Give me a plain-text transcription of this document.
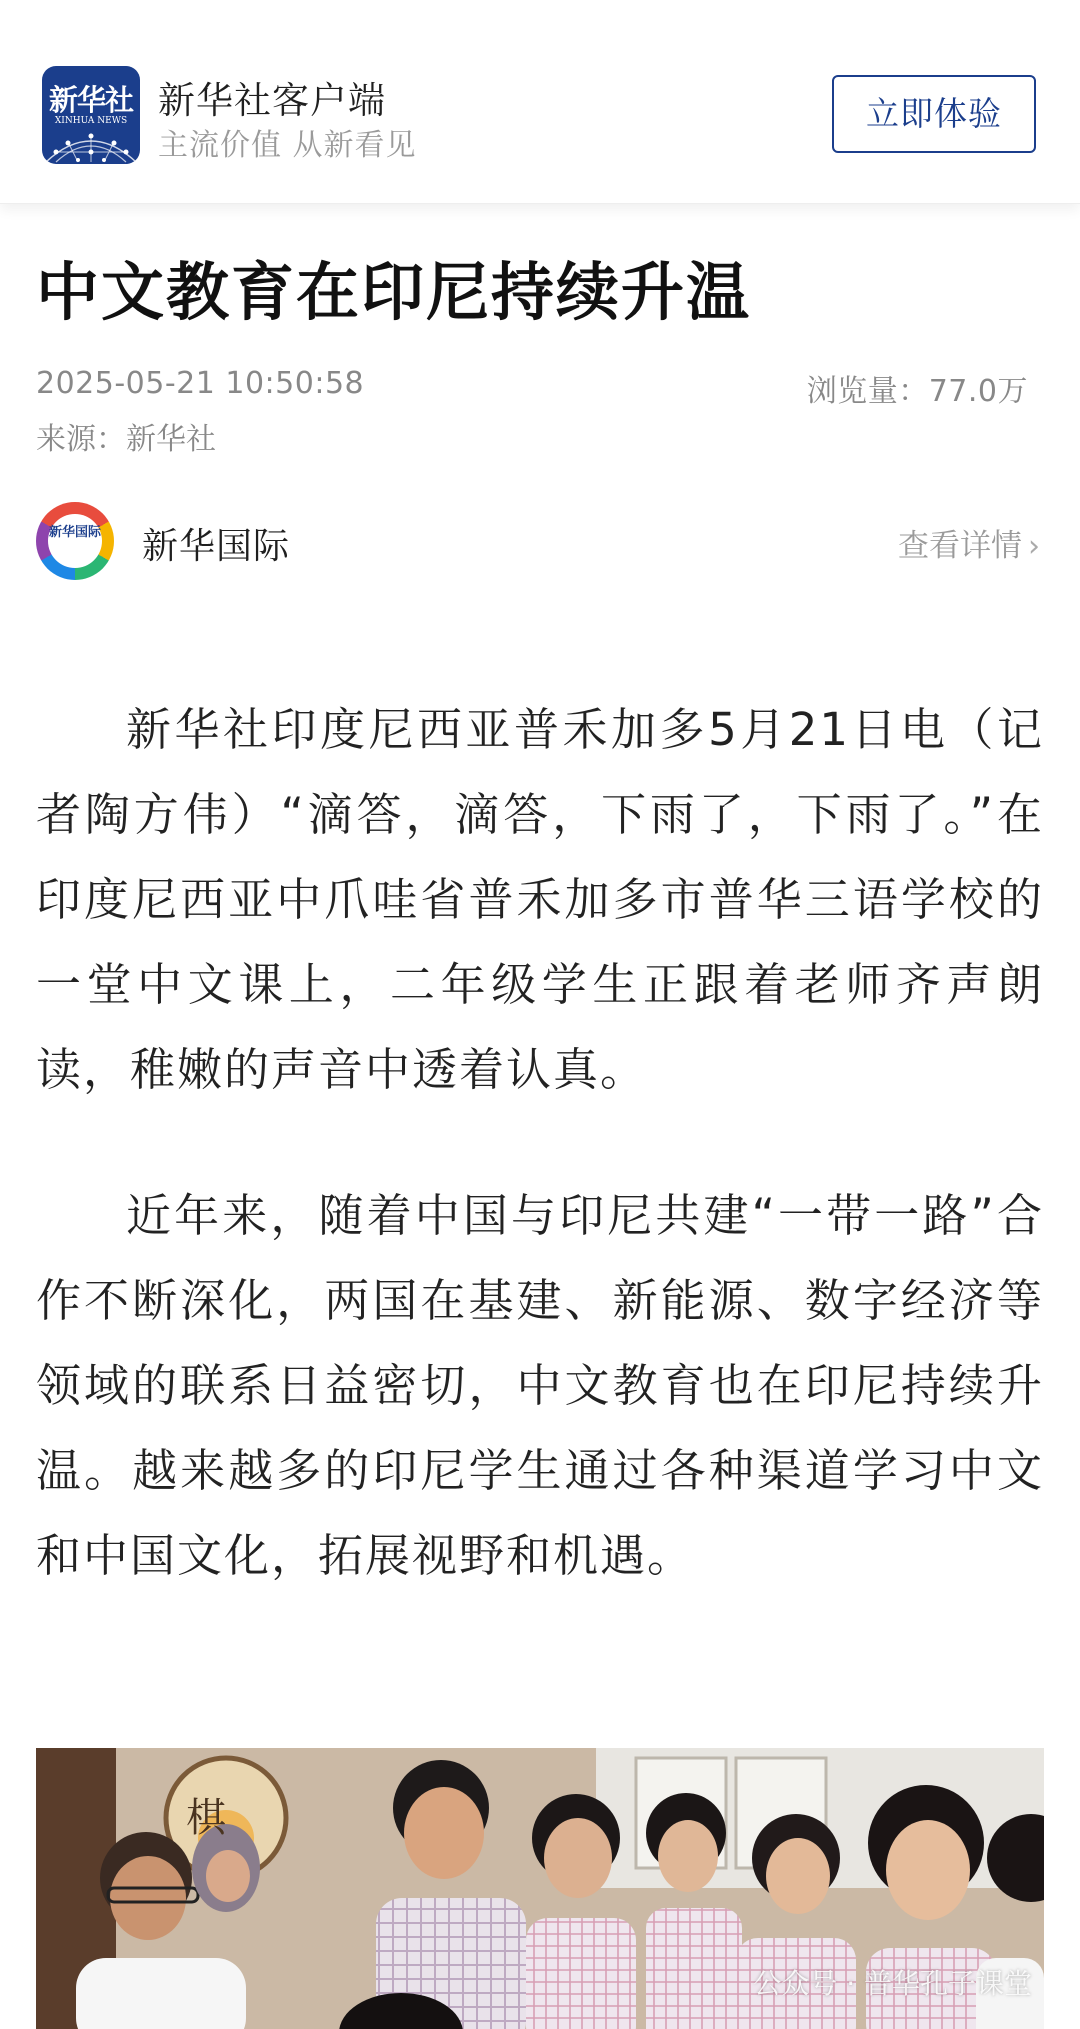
新华社
XINHUA NEWS 新华社客户端
主流价值 从新看见
立即体验
中文教育在印尼持续升温
2025-05-21 10:50:58	浏览量：77.0万
来源：新华社
新华国际 新华国际	查看详情 ›

新华社印度尼西亚普禾加多5月21日电（记者陶方伟）“滴答，滴答，下雨了，下雨了。”在印度尼西亚中爪哇省普禾加多市普华三语学校的一堂中文课上，二年级学生正跟着老师齐声朗读，稚嫩的声音中透着认真。

近年来，随着中国与印尼共建“一带一路”合作不断深化，两国在基建、新能源、数字经济等领域的联系日益密切，中文教育也在印尼持续升温。越来越多的印尼学生通过各种渠道学习中文和中国文化，拓展视野和机遇。

棋
公众号 · 普华孔子课堂
